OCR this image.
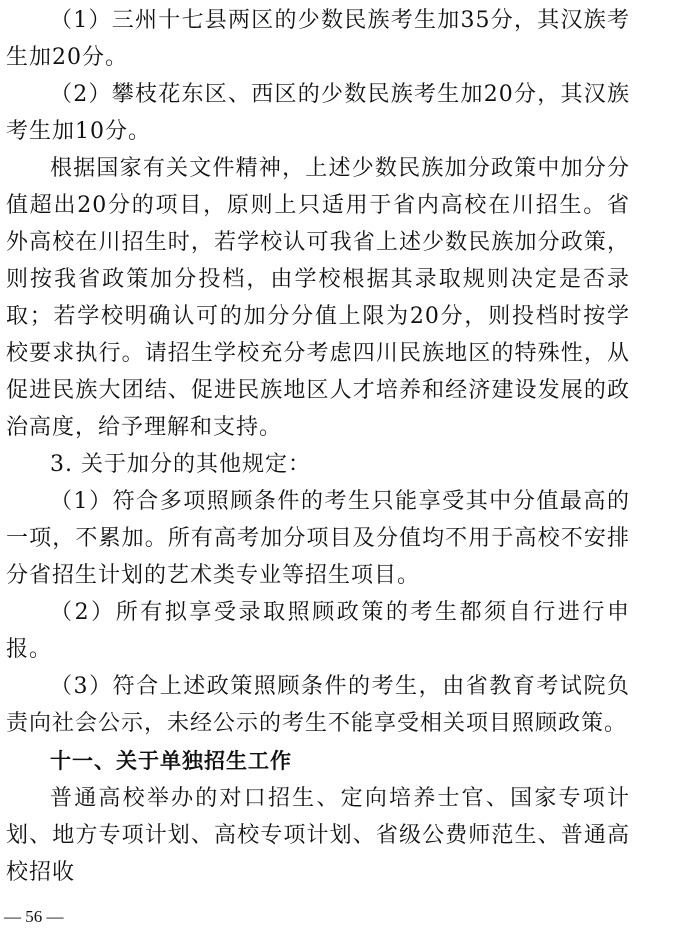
（1）三州十七县两区的少数民族考生加35分，其汉族考生加20分。

（2）攀枝花东区、西区的少数民族考生加20分，其汉族考生加10分。

根据国家有关文件精神，上述少数民族加分政策中加分分值超出20分的项目，原则上只适用于省内高校在川招生。省外高校在川招生时，若学校认可我省上述少数民族加分政策，则按我省政策加分投档，由学校根据其录取规则决定是否录取；若学校明确认可的加分分值上限为20分，则投档时按学校要求执行。请招生学校充分考虑四川民族地区的特殊性，从促进民族大团结、促进民族地区人才培养和经济建设发展的政治高度，给予理解和支持。

3. 关于加分的其他规定：

（1）符合多项照顾条件的考生只能享受其中分值最高的一项，不累加。所有高考加分项目及分值均不用于高校不安排分省招生计划的艺术类专业等招生项目。

（2）所有拟享受录取照顾政策的考生都须自行进行申报。

（3）符合上述政策照顾条件的考生，由省教育考试院负责向社会公示，未经公示的考生不能享受相关项目照顾政策。

十一、关于单独招生工作

普通高校举办的对口招生、定向培养士官、国家专项计划、地方专项计划、高校专项计划、省级公费师范生、普通高校招收

— 56 —
